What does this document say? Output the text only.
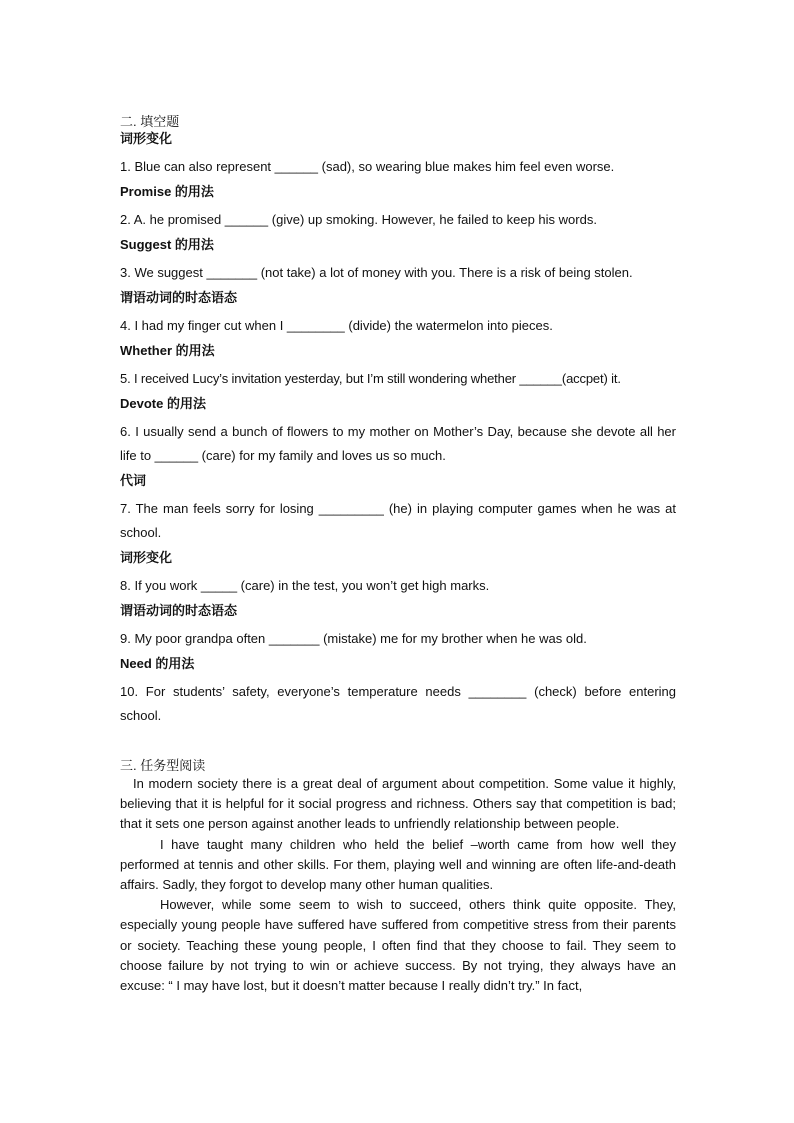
二. 填空题
词形变化

1. Blue can also represent ______ (sad), so wearing blue makes him feel even worse.

Promise 的用法

2. A. he promised ______ (give) up smoking. However, he failed to keep his words.

Suggest 的用法

3. We suggest _______ (not take) a lot of money with you. There is a risk of being stolen.

谓语动词的时态语态

4. I had my finger cut when I ________ (divide) the watermelon into pieces.

Whether 的用法

5. I received Lucy’s invitation yesterday, but I’m still wondering whether ______(accpet) it.

Devote 的用法

6. I usually send a bunch of flowers to my mother on Mother’s Day, because she devote all her life to ______ (care) for my family and loves us so much.

代词

7. The man feels sorry for losing _________ (he) in playing computer games when he was at school.

词形变化

8. If you work _____ (care) in the test, you won’t get high marks.

谓语动词的时态语态

9. My poor grandpa often _______ (mistake) me for my brother when he was old.

Need 的用法

10. For students’ safety, everyone’s temperature needs ________ (check) before entering school.

三. 任务型阅读

In modern society there is a great deal of argument about competition. Some value it highly, believing that it is helpful for it social progress and richness. Others say that competition is bad; that it sets one person against another leads to unfriendly relationship between people.

I have taught many children who held the belief –worth came from how well they performed at tennis and other skills. For them, playing well and winning are often life-and-death affairs. Sadly, they forgot to develop many other human qualities.

However, while some seem to wish to succeed, others think quite opposite. They, especially young people have suffered have suffered from competitive stress from their parents or society. Teaching these young people, I often find that they choose to fail. They seem to choose failure by not trying to win or achieve success. By not trying, they always have an excuse: “ I may have lost, but it doesn’t matter because I really didn’t try.” In fact,
